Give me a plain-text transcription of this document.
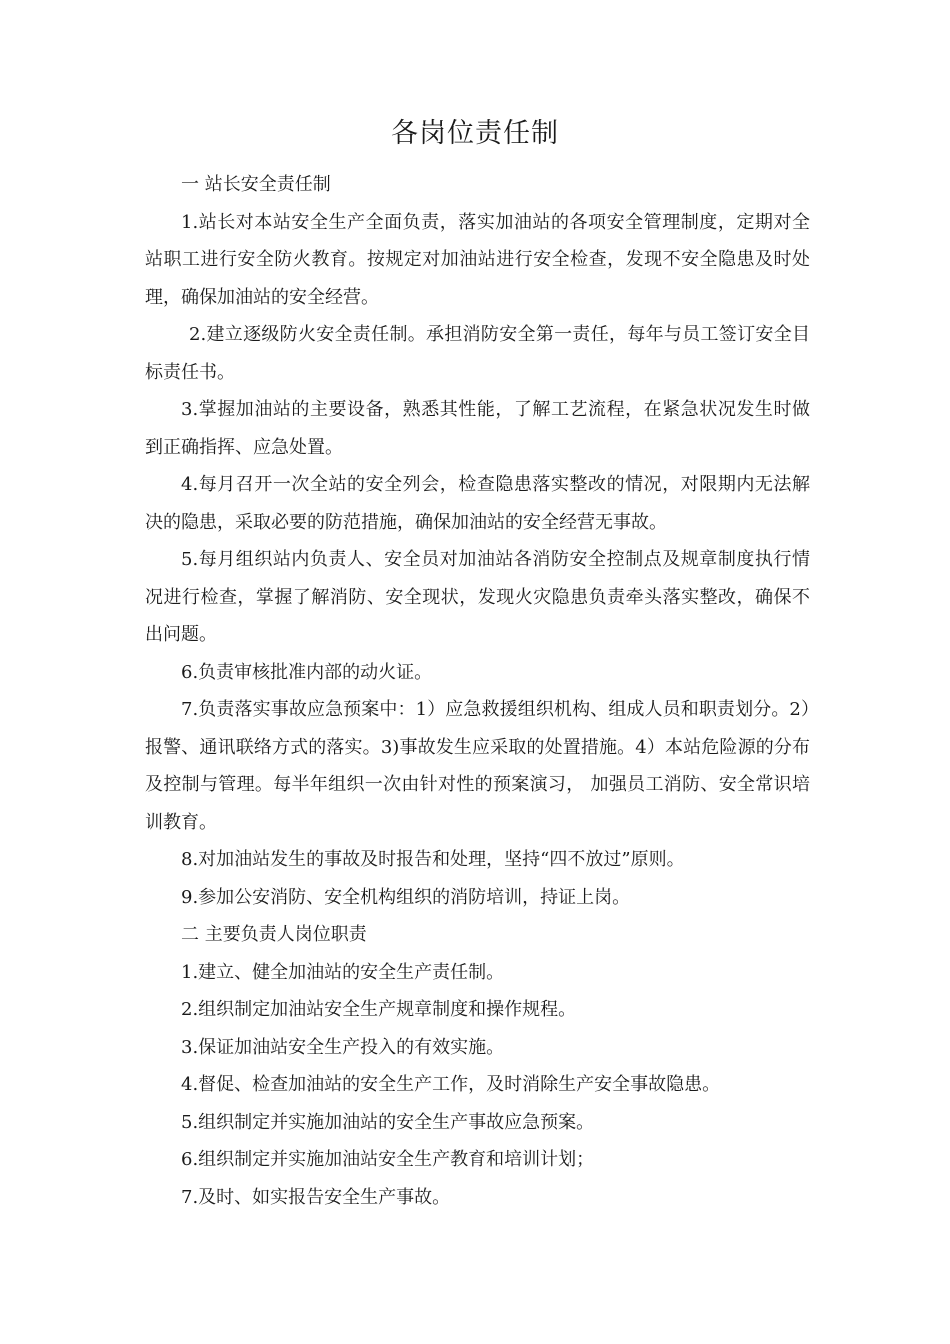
各岗位责任制

一 站长安全责任制

1.站长对本站安全生产全面负责，落实加油站的各项安全管理制度，定期对全站职工进行安全防火教育。按规定对加油站进行安全检查，发现不安全隐患及时处理，确保加油站的安全经营。

2.建立逐级防火安全责任制。承担消防安全第一责任，每年与员工签订安全目标责任书。

3.掌握加油站的主要设备，熟悉其性能，了解工艺流程，在紧急状况发生时做到正确指挥、应急处置。

4.每月召开一次全站的安全列会，检查隐患落实整改的情况，对限期内无法解决的隐患，采取必要的防范措施，确保加油站的安全经营无事故。

5.每月组织站内负责人、安全员对加油站各消防安全控制点及规章制度执行情况进行检查，掌握了解消防、安全现状，发现火灾隐患负责牵头落实整改，确保不出问题。

6.负责审核批准内部的动火证。

7.负责落实事故应急预案中：1）应急救援组织机构、组成人员和职责划分。2）报警、通讯联络方式的落实。3)事故发生应采取的处置措施。4）本站危险源的分布及控制与管理。每半年组织一次由针对性的预案演习， 加强员工消防、安全常识培训教育。

8.对加油站发生的事故及时报告和处理，坚持“四不放过”原则。

9.参加公安消防、安全机构组织的消防培训，持证上岗。

二 主要负责人岗位职责

1.建立、健全加油站的安全生产责任制。

2.组织制定加油站安全生产规章制度和操作规程。

3.保证加油站安全生产投入的有效实施。

4.督促、检查加油站的安全生产工作，及时消除生产安全事故隐患。

5.组织制定并实施加油站的安全生产事故应急预案。

6.组织制定并实施加油站安全生产教育和培训计划；

7.及时、如实报告安全生产事故。
